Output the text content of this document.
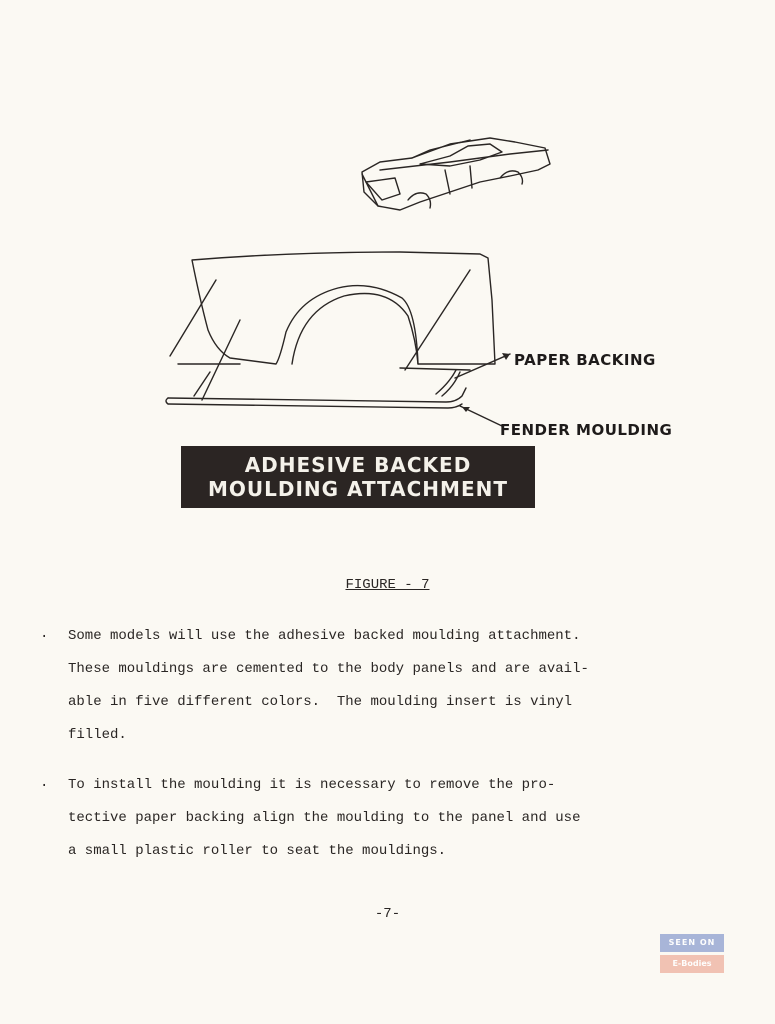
PAPER BACKING
FENDER MOULDING
ADHESIVE BACKED
MOULDING ATTACHMENT
FIGURE - 7
. Some models will use the adhesive backed moulding attachment.
These mouldings are cemented to the body panels and are avail-
able in five different colors.  The moulding insert is vinyl
filled.
. To install the moulding it is necessary to remove the pro-
tective paper backing align the moulding to the panel and use
a small plastic roller to seat the mouldings.
-7-
SEEN ON
E-Bodies
